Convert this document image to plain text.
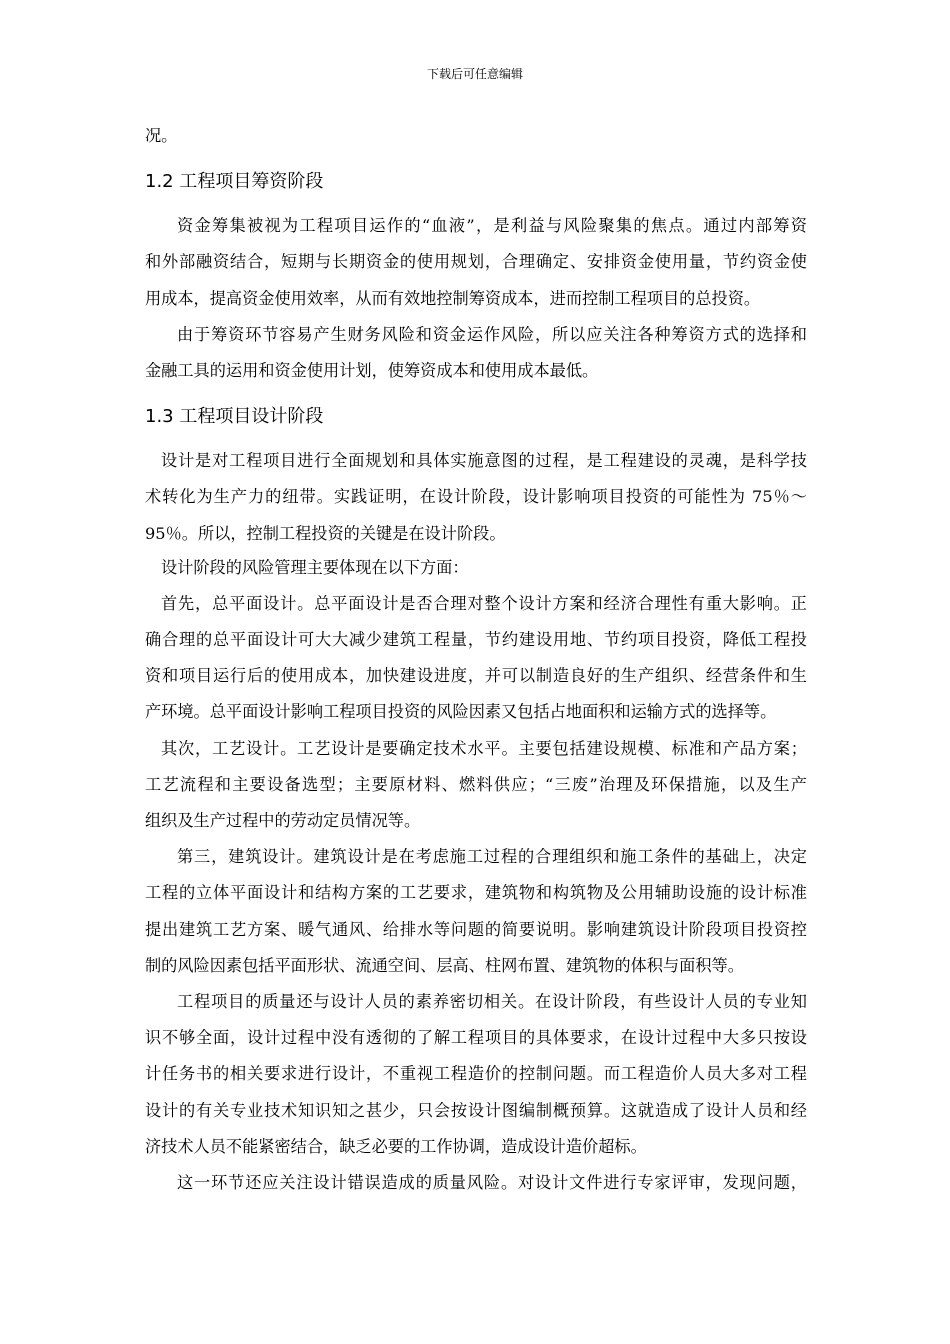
下载后可任意编辑
况。
1.2 工程项目筹资阶段
资金筹集被视为工程项目运作的“血液”，是利益与风险聚集的焦点。通过内部筹资
和外部融资结合，短期与长期资金的使用规划，合理确定、安排资金使用量，节约资金使
用成本，提高资金使用效率，从而有效地控制筹资成本，进而控制工程项目的总投资。
由于筹资环节容易产生财务风险和资金运作风险，所以应关注各种筹资方式的选择和
金融工具的运用和资金使用计划，使筹资成本和使用成本最低。
1.3 工程项目设计阶段
设计是对工程项目进行全面规划和具体实施意图的过程，是工程建设的灵魂，是科学技
术转化为生产力的纽带。实践证明，在设计阶段，设计影响项目投资的可能性为 75％～
95％。所以，控制工程投资的关键是在设计阶段。
设计阶段的风险管理主要体现在以下方面：
首先，总平面设计。总平面设计是否合理对整个设计方案和经济合理性有重大影响。正
确合理的总平面设计可大大减少建筑工程量，节约建设用地、节约项目投资，降低工程投
资和项目运行后的使用成本，加快建设进度，并可以制造良好的生产组织、经营条件和生
产环境。总平面设计影响工程项目投资的风险因素又包括占地面积和运输方式的选择等。
其次，工艺设计。工艺设计是要确定技术水平。主要包括建设规模、标准和产品方案；
工艺流程和主要设备选型；主要原材料、燃料供应；“三废”治理及环保措施，以及生产
组织及生产过程中的劳动定员情况等。
第三，建筑设计。建筑设计是在考虑施工过程的合理组织和施工条件的基础上，决定
工程的立体平面设计和结构方案的工艺要求，建筑物和构筑物及公用辅助设施的设计标准
提出建筑工艺方案、暖气通风、给排水等问题的简要说明。影响建筑设计阶段项目投资控
制的风险因素包括平面形状、流通空间、层高、柱网布置、建筑物的体积与面积等。
工程项目的质量还与设计人员的素养密切相关。在设计阶段，有些设计人员的专业知
识不够全面，设计过程中没有透彻的了解工程项目的具体要求，在设计过程中大多只按设
计任务书的相关要求进行设计，不重视工程造价的控制问题。而工程造价人员大多对工程
设计的有关专业技术知识知之甚少，只会按设计图编制概预算。这就造成了设计人员和经
济技术人员不能紧密结合，缺乏必要的工作协调，造成设计造价超标。
这一环节还应关注设计错误造成的质量风险。对设计文件进行专家评审，发现问题，
